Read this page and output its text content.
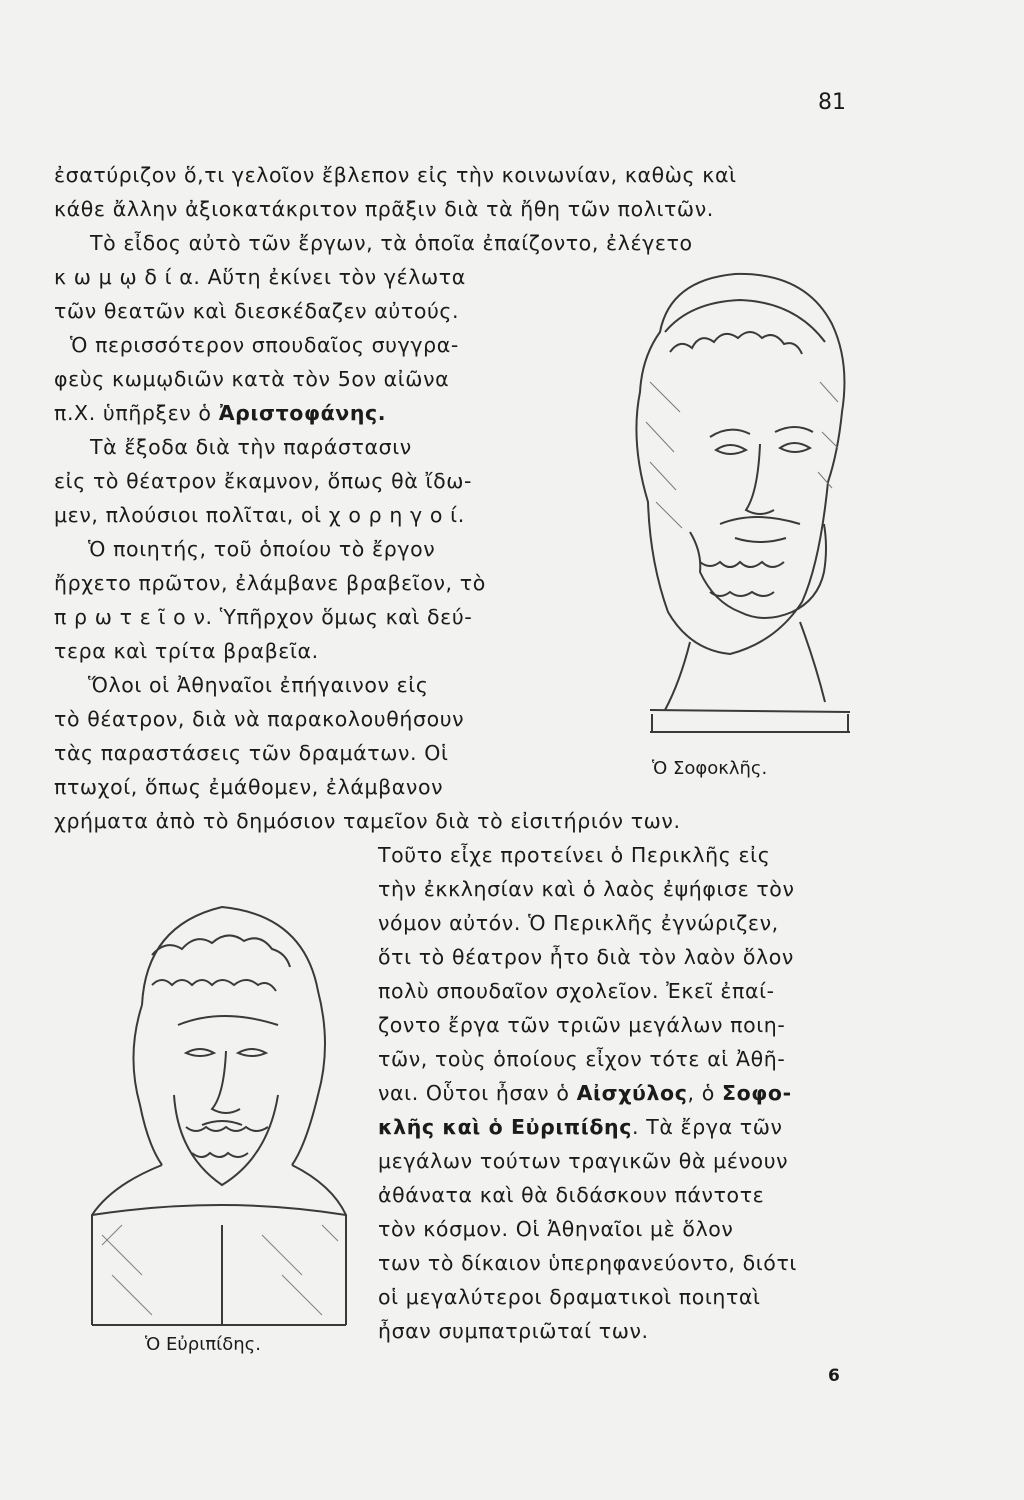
81
ἐσατύριζον ὅ,τι γελοῖον ἔβλεπον εἰς τὴν κοινωνίαν, καθὼς καὶ
κάθε ἄλλην ἀξιοκατάκριτον πρᾶξιν διὰ τὰ ἤθη τῶν πολιτῶν.
Τὸ εἶδος αὐτὸ τῶν ἔργων, τὰ ὁποῖα ἐπαίζοντο, ἐλέγετο
κ ω μ ῳ δ ί α. Αὕτη ἐκίνει τὸν γέλωτα
τῶν θεατῶν καὶ διεσκέδαζεν αὐτούς.
Ὁ περισσότερον σπουδαῖος συγγρα-
φεὺς κωμῳδιῶν κατὰ τὸν 5ον αἰῶνα
π.Χ. ὑπῆρξεν ὁ Ἀριστοφάνης.
Τὰ ἔξοδα διὰ τὴν παράστασιν
εἰς τὸ θέατρον ἔκαμνον, ὅπως θὰ ἴδω-
μεν, πλούσιοι πολῖται, οἱ χ ο ρ η γ ο ί.
Ὁ ποιητής, τοῦ ὁποίου τὸ ἔργον
ἤρχετο πρῶτον, ἐλάμβανε βραβεῖον, τὸ
π ρ ω τ ε ῖ ο ν. Ὑπῆρχον ὅμως καὶ δεύ-
τερα καὶ τρίτα βραβεῖα.
Ὅλοι οἱ Ἀθηναῖοι ἐπήγαινον εἰς
τὸ θέατρον, διὰ νὰ παρακολουθήσουν
τὰς παραστάσεις τῶν δραμάτων. Οἱ
πτωχοί, ὅπως ἐμάθομεν, ἐλάμβανον
χρήματα ἀπὸ τὸ δημόσιον ταμεῖον διὰ τὸ εἰσιτήριόν των.
Τοῦτο εἶχε προτείνει ὁ Περικλῆς εἰς
τὴν ἐκκλησίαν καὶ ὁ λαὸς ἐψήφισε τὸν
νόμον αὐτόν. Ὁ Περικλῆς ἐγνώριζεν,
ὅτι τὸ θέατρον ἦτο διὰ τὸν λαὸν ὅλον
πολὺ σπουδαῖον σχολεῖον. Ἐκεῖ ἐπαί-
ζοντο ἔργα τῶν τριῶν μεγάλων ποιη-
τῶν, τοὺς ὁποίους εἶχον τότε αἱ Ἀθῆ-
ναι. Οὗτοι ἦσαν ὁ Αἰσχύλος, ὁ Σοφο-
κλῆς καὶ ὁ Εὐριπίδης. Τὰ ἔργα τῶν
μεγάλων τούτων τραγικῶν θὰ μένουν
ἀθάνατα καὶ θὰ διδάσκουν πάντοτε
τὸν κόσμον. Οἱ Ἀθηναῖοι μὲ ὅλον
των τὸ δίκαιον ὑπερηφανεύοντο, διότι
οἱ μεγαλύτεροι δραματικοὶ ποιηταὶ
ἦσαν συμπατριῶταί των.
Ὁ Σοφοκλῆς.
Ὁ Εὐριπίδης.
6
